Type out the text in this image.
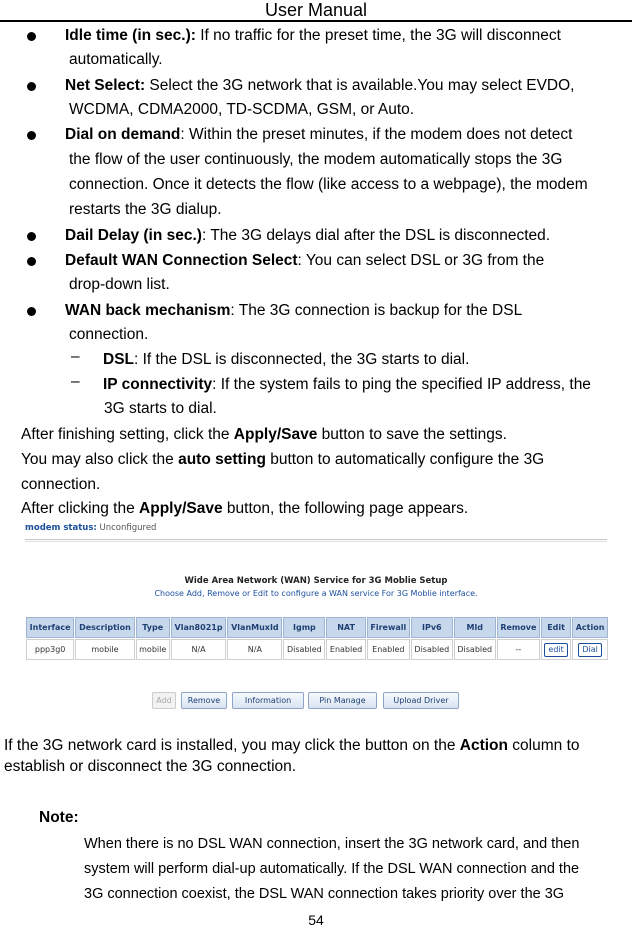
User Manual
Idle time (in sec.): If no traffic for the preset time, the 3G will disconnect
automatically.
Net Select: Select the 3G network that is available.You may select EVDO,
WCDMA, CDMA2000, TD-SCDMA, GSM, or Auto.
Dial on demand: Within the preset minutes, if the modem does not detect
the flow of the user continuously, the modem automatically stops the 3G
connection. Once it detects the flow (like access to a webpage), the modem
restarts the 3G dialup.
Dail Delay (in sec.): The 3G delays dial after the DSL is disconnected.
Default WAN Connection Select: You can select DSL or 3G from the
drop-down list.
WAN back mechanism: The 3G connection is backup for the DSL
connection.
– DSL: If the DSL is disconnected, the 3G starts to dial.
– IP connectivity: If the system fails to ping the specified IP address, the
3G starts to dial.
After finishing setting, click the Apply/Save button to save the settings.
You may also click the auto setting button to automatically configure the 3G
connection.
After clicking the Apply/Save button, the following page appears.
modem status: Unconfigured
Wide Area Network (WAN) Service for 3G Moblie Setup
Choose Add, Remove or Edit to configure a WAN service For 3G Moblie interface.
Interface	Description	Type	Vlan8021p	VlanMuxId	Igmp	NAT	Firewall	IPv6	Mld	Remove	Edit	Action
ppp3g0	mobile	mobile	N/A	N/A	Disabled	Enabled	Enabled	Disabled	Disabled	--	edit	Dial
Add	Remove	Information	Pin Manage	Upload Driver
If the 3G network card is installed, you may click the button on the Action column to
establish or disconnect the 3G connection.
Note:
When there is no DSL WAN connection, insert the 3G network card, and then
system will perform dial-up automatically. If the DSL WAN connection and the
3G connection coexist, the DSL WAN connection takes priority over the 3G
54
